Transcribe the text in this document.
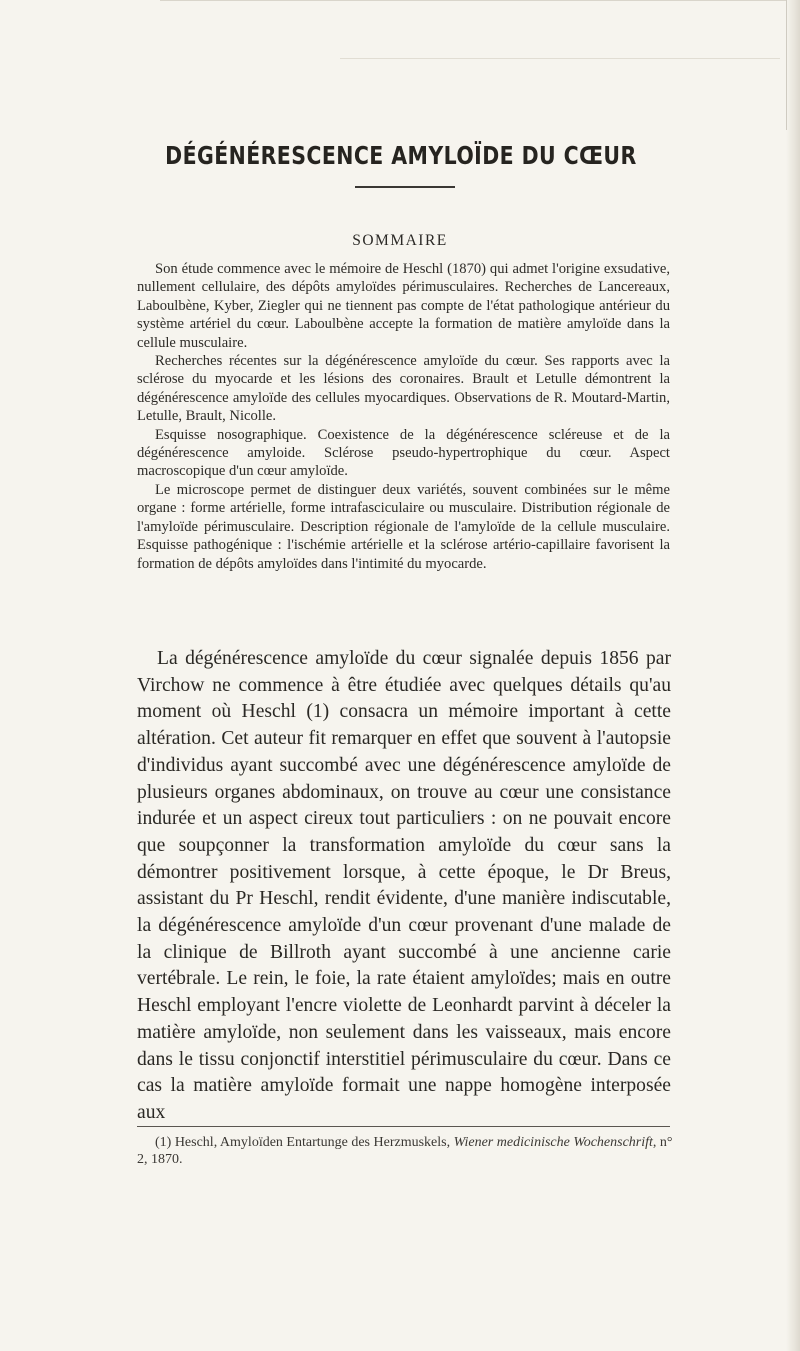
DÉGÉNÉRESCENCE AMYLOÏDE DU CŒUR
SOMMAIRE

Son étude commence avec le mémoire de Heschl (1870) qui admet l'origine exsudative, nullement cellulaire, des dépôts amyloïdes périmusculaires. Recherches de Lancereaux, Laboulbène, Kyber, Ziegler qui ne tiennent pas compte de l'état pathologique antérieur du système artériel du cœur. Laboulbène accepte la formation de matière amyloïde dans la cellule musculaire.

Recherches récentes sur la dégénérescence amyloïde du cœur. Ses rapports avec la sclérose du myocarde et les lésions des coronaires. Brault et Letulle démontrent la dégénérescence amyloïde des cellules myocardiques. Observations de R. Moutard-Martin, Letulle, Brault, Nicolle.

Esquisse nosographique. Coexistence de la dégénérescence scléreuse et de la dégénérescence amyloide. Sclérose pseudo-hypertrophique du cœur. Aspect macroscopique d'un cœur amyloïde.

Le microscope permet de distinguer deux variétés, souvent combinées sur le même organe : forme artérielle, forme intrafasciculaire ou musculaire. Distribution régionale de l'amyloïde périmusculaire. Description régionale de l'amyloïde de la cellule musculaire. Esquisse pathogénique : l'ischémie artérielle et la sclérose artério-capillaire favorisent la formation de dépôts amyloïdes dans l'intimité du myocarde.

La dégénérescence amyloïde du cœur signalée depuis 1856 par Virchow ne commence à être étudiée avec quelques détails qu'au moment où Heschl (1) consacra un mémoire important à cette altération. Cet auteur fit remarquer en effet que souvent à l'autopsie d'individus ayant succombé avec une dégénérescence amyloïde de plusieurs organes abdominaux, on trouve au cœur une consistance indurée et un aspect cireux tout particuliers : on ne pouvait encore que soupçonner la transformation amyloïde du cœur sans la démontrer positivement lorsque, à cette époque, le Dr Breus, assistant du Pr Heschl, rendit évidente, d'une manière indiscutable, la dégénérescence amyloïde d'un cœur provenant d'une malade de la clinique de Billroth ayant succombé à une ancienne carie vertébrale. Le rein, le foie, la rate étaient amyloïdes; mais en outre Heschl employant l'encre violette de Leonhardt parvint à déceler la matière amyloïde, non seulement dans les vaisseaux, mais encore dans le tissu conjonctif interstitiel périmusculaire du cœur. Dans ce cas la matière amyloïde formait une nappe homogène interposée aux

(1) Heschl, Amyloïden Entartunge des Herzmuskels, Wiener medicinische Wochenschrift, n° 2, 1870.
